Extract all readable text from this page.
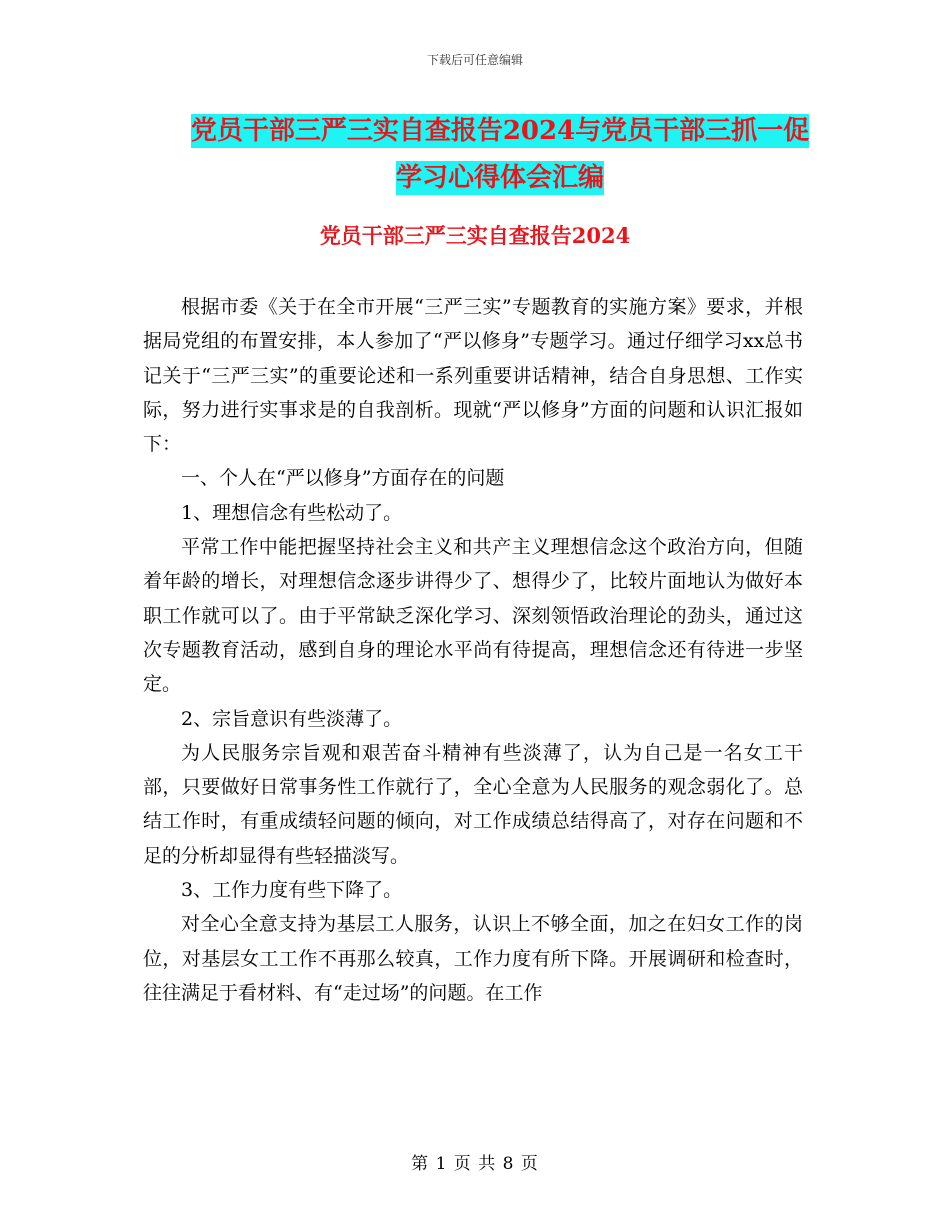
下载后可任意编辑
党员干部三严三实自查报告2024与党员干部三抓一促
学习心得体会汇编
党员干部三严三实自查报告2024

根据市委《关于在全市开展“三严三实”专题教育的实施方案》要求，并根据局党组的布置安排，本人参加了“严以修身”专题学习。通过仔细学习xx总书记关于“三严三实”的重要论述和一系列重要讲话精神，结合自身思想、工作实际，努力进行实事求是的自我剖析。现就“严以修身”方面的问题和认识汇报如下：

一、个人在“严以修身”方面存在的问题

1、理想信念有些松动了。

平常工作中能把握坚持社会主义和共产主义理想信念这个政治方向，但随着年龄的增长，对理想信念逐步讲得少了、想得少了，比较片面地认为做好本职工作就可以了。由于平常缺乏深化学习、深刻领悟政治理论的劲头，通过这次专题教育活动，感到自身的理论水平尚有待提高，理想信念还有待进一步坚定。

2、宗旨意识有些淡薄了。

为人民服务宗旨观和艰苦奋斗精神有些淡薄了，认为自己是一名女工干部，只要做好日常事务性工作就行了，全心全意为人民服务的观念弱化了。总结工作时，有重成绩轻问题的倾向，对工作成绩总结得高了，对存在问题和不足的分析却显得有些轻描淡写。

3、工作力度有些下降了。

对全心全意支持为基层工人服务，认识上不够全面，加之在妇女工作的岗位，对基层女工工作不再那么较真，工作力度有所下降。开展调研和检查时，往往满足于看材料、有“走过场”的问题。在工作

第 1 页 共 8 页
